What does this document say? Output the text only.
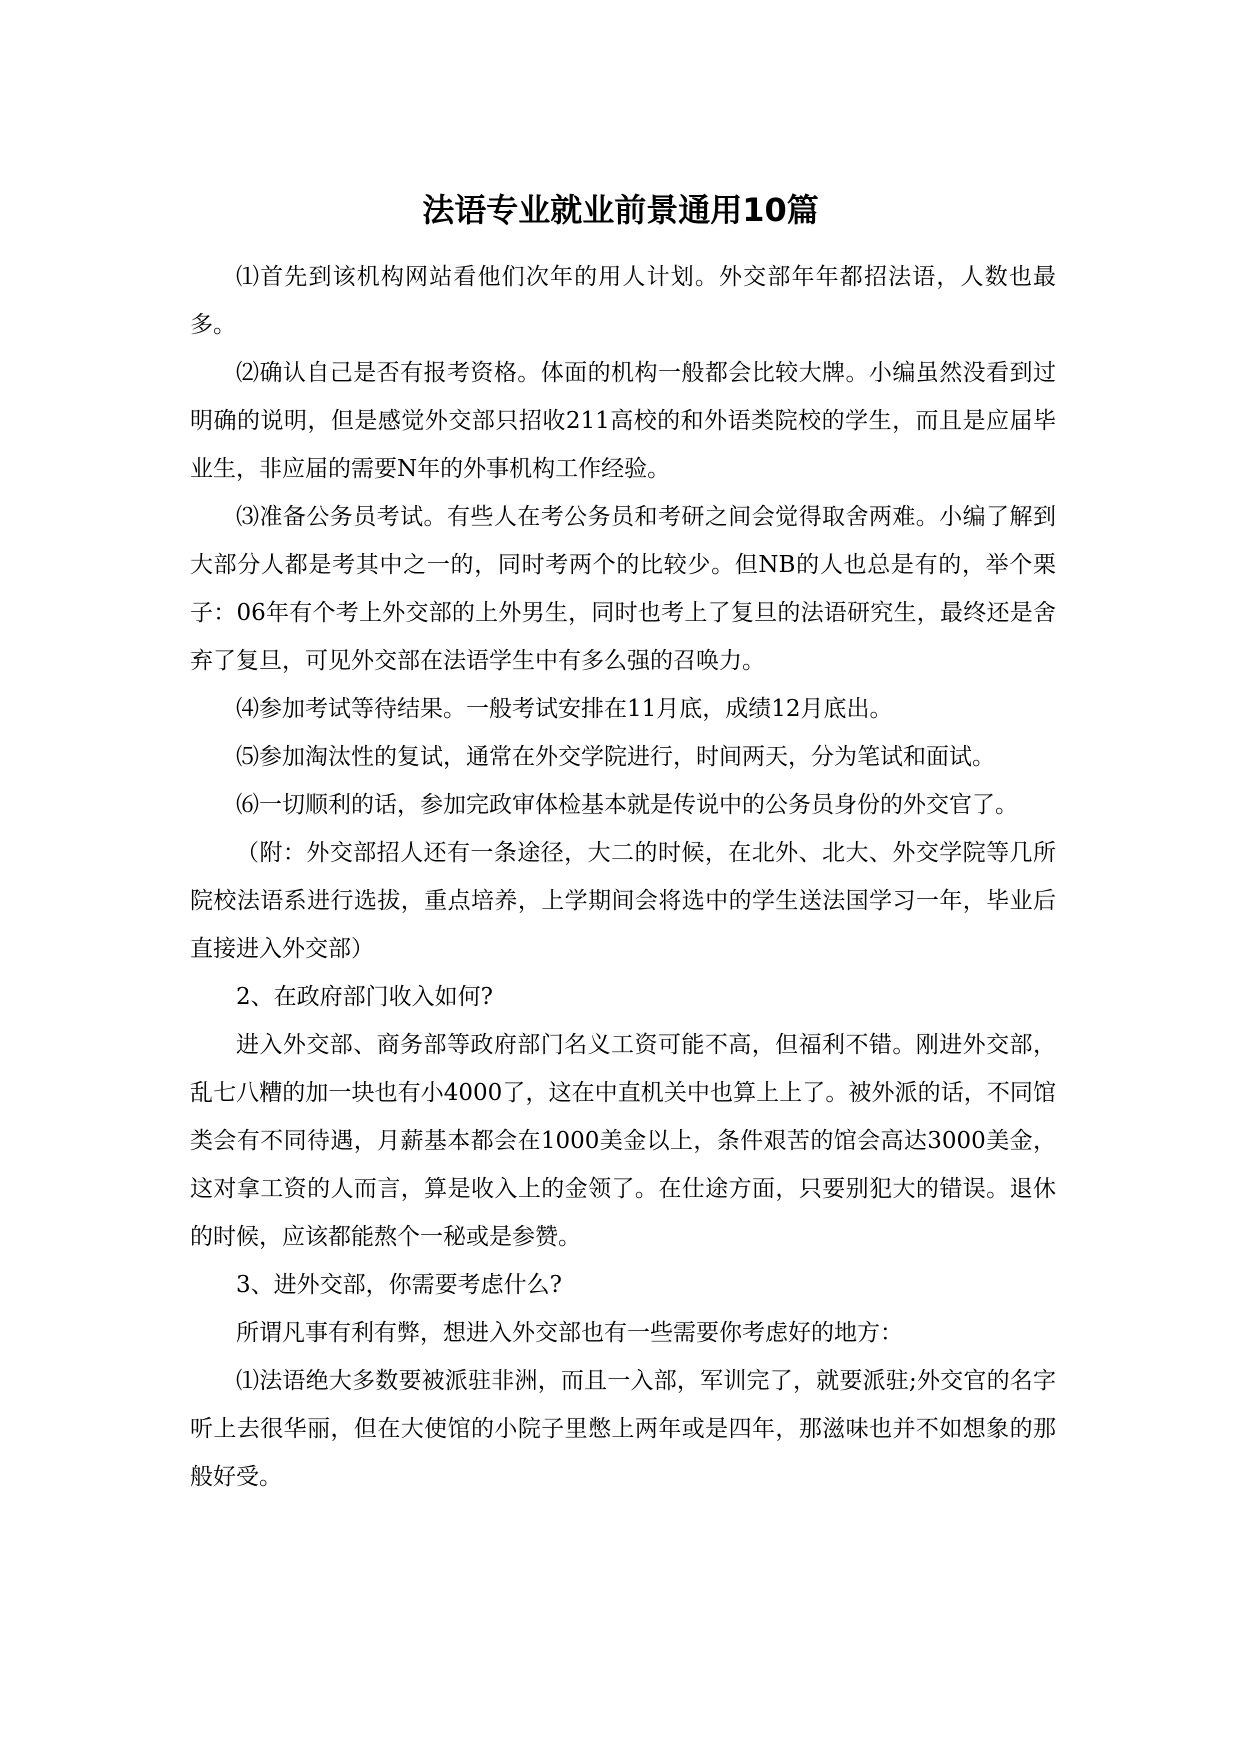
法语专业就业前景通用10篇

⑴首先到该机构网站看他们次年的用人计划。外交部年年都招法语，人数也最多。

⑵确认自己是否有报考资格。体面的机构一般都会比较大牌。小编虽然没看到过明确的说明，但是感觉外交部只招收211高校的和外语类院校的学生，而且是应届毕业生，非应届的需要N年的外事机构工作经验。

⑶准备公务员考试。有些人在考公务员和考研之间会觉得取舍两难。小编了解到大部分人都是考其中之一的，同时考两个的比较少。但NB的人也总是有的，举个栗子：06年有个考上外交部的上外男生，同时也考上了复旦的法语研究生，最终还是舍弃了复旦，可见外交部在法语学生中有多么强的召唤力。

⑷参加考试等待结果。一般考试安排在11月底，成绩12月底出。

⑸参加淘汰性的复试，通常在外交学院进行，时间两天，分为笔试和面试。

⑹一切顺利的话，参加完政审体检基本就是传说中的公务员身份的外交官了。

（附：外交部招人还有一条途径，大二的时候，在北外、北大、外交学院等几所院校法语系进行选拔，重点培养，上学期间会将选中的学生送法国学习一年，毕业后直接进入外交部）

2、在政府部门收入如何?

进入外交部、商务部等政府部门名义工资可能不高，但福利不错。刚进外交部，乱七八糟的加一块也有小4000了，这在中直机关中也算上上了。被外派的话，不同馆类会有不同待遇，月薪基本都会在1000美金以上，条件艰苦的馆会高达3000美金，这对拿工资的人而言，算是收入上的金领了。在仕途方面，只要别犯大的错误。退休的时候，应该都能熬个一秘或是参赞。

3、进外交部，你需要考虑什么?

所谓凡事有利有弊，想进入外交部也有一些需要你考虑好的地方：

⑴法语绝大多数要被派驻非洲，而且一入部，军训完了，就要派驻;外交官的名字听上去很华丽，但在大使馆的小院子里憋上两年或是四年，那滋味也并不如想象的那般好受。
